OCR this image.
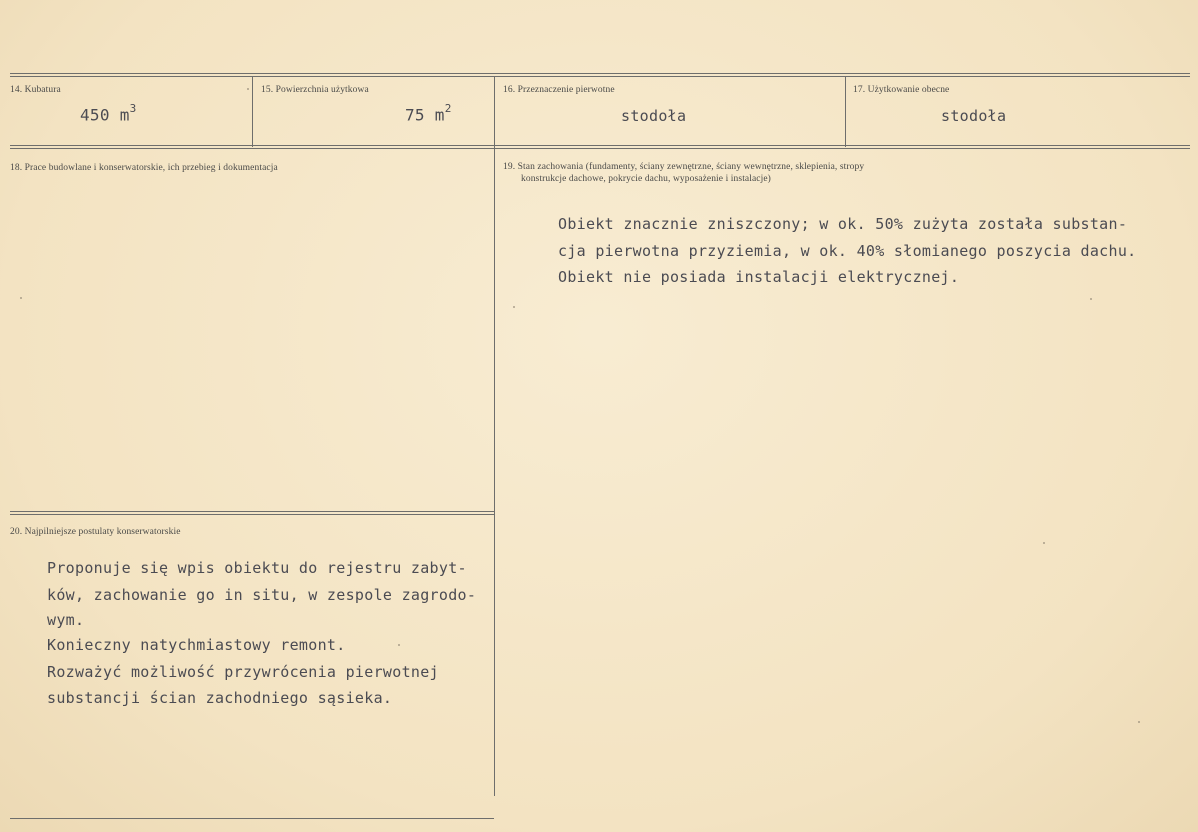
14. Kubatura
450 $m^3$
15. Powierzchnia użytkowa
75 $m^2$
16. Przeznaczenie pierwotne
stodoła
17. Użytkowanie obecne
stodoła
18. Prace budowlane i konserwatorskie, ich przebieg i dokumentacja	19. Stan zachowania (fundamenty, ściany zewnętrzne, ściany wewnętrzne, sklepienia, stropy
konstrukcje dachowe, pokrycie dachu, wyposażenie i instalacje)
Obiekt znacznie zniszczony; w ok. 50% zużyta została substan-
cja pierwotna przyziemia, w ok. 40% słomianego poszycia dachu.
Obiekt nie posiada instalacji elektrycznej.
20. Najpilniejsze postulaty konserwatorskie
Proponuje się wpis obiektu do rejestru zabyt-
ków, zachowanie go in situ, w zespole zagrodo-
wym.
Konieczny natychmiastowy remont.
Rozważyć możliwość przywrócenia pierwotnej
substancji ścian zachodniego sąsieka.
